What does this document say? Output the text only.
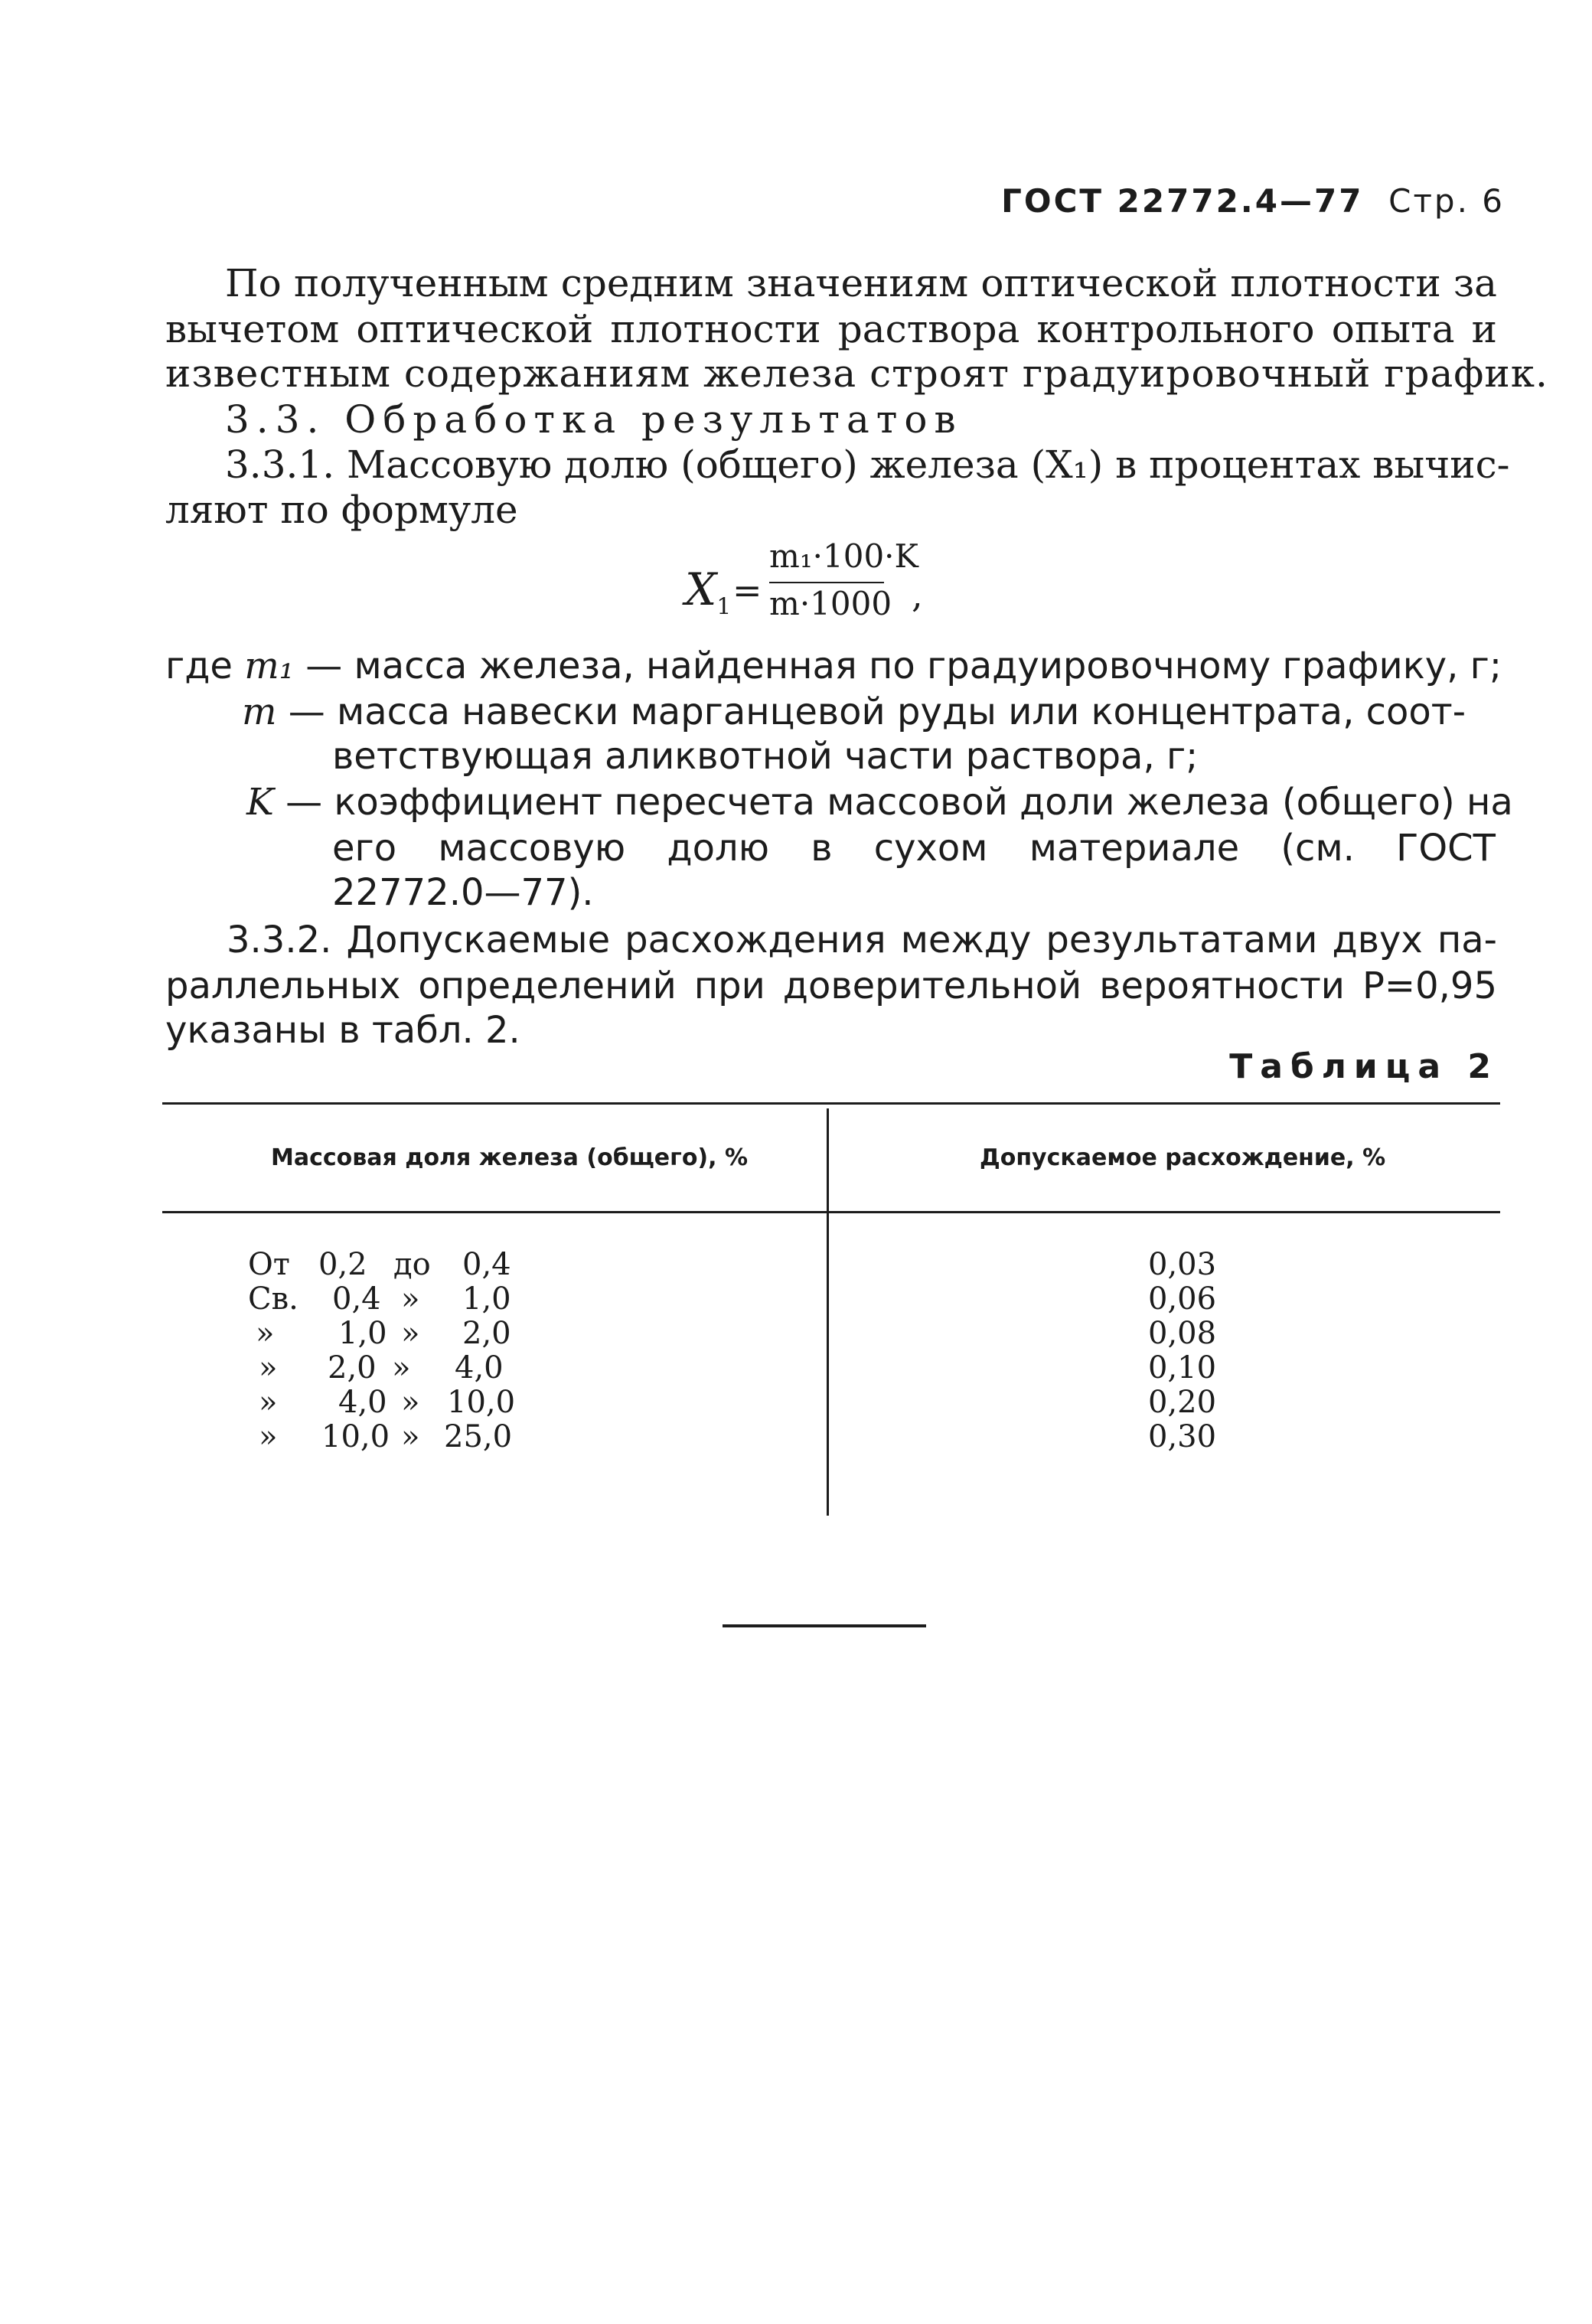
ГОСТ 22772.4—77 Стр. 6
По полученным средним значениям оптической плотности за
вычетом оптической плотности раствора контрольного опыта и
известным содержаниям железа строят градуировочный график.
3.3. Обработка результатов
3.3.1. Массовую долю (общего) железа (X₁) в процентах вычис-
ляют по формуле
$X_1$ =
m₁·100·K
m·1000 ,
где m₁ — масса железа, найденная по градуировочному графику, г;
m — масса навески марганцевой руды или концентрата, соот-
ветствующая аликвотной части раствора, г;
K — коэффициент пересчета массовой доли железа (общего) на
его массовую долю в сухом материале (см. ГОСТ
22772.0—77).
3.3.2. Допускаемые расхождения между результатами двух па-
раллельных определений при доверительной вероятности P=0,95
указаны в табл. 2.
Таблица 2
Массовая доля железа (общего), %	Допускаемое расхождение, %
От 0,2 до 0,4
Св. 0,4 » 1,0
» 1,0 » 2,0
» 2,0 » 4,0
» 4,0 » 10,0
» 10,0 » 25,0
0,03
0,06
0,08
0,10
0,20
0,30
